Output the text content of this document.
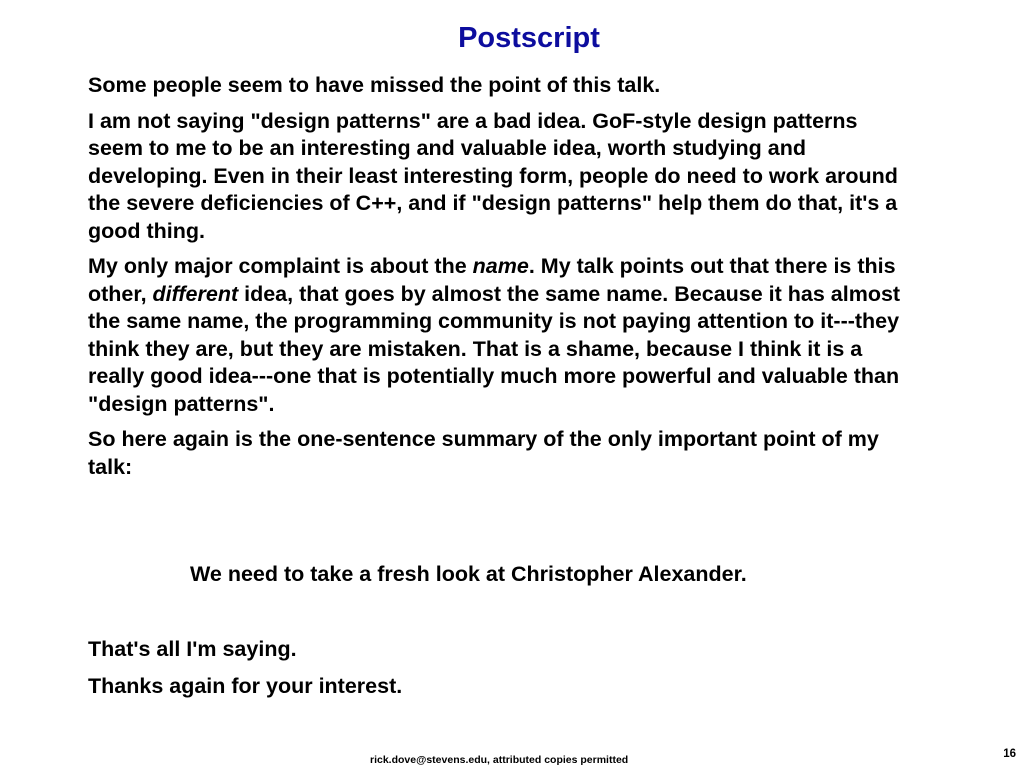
Postscript

Some people seem to have missed the point of this talk.

I am not saying "design patterns" are a bad idea. GoF-style design patterns seem to me to be an interesting and valuable idea, worth studying and developing. Even in their least interesting form, people do need to work around the severe deficiencies of C++, and if "design patterns" help them do that, it's a good thing.

My only major complaint is about the name. My talk points out that there is this other, different idea, that goes by almost the same name. Because it has almost the same name, the programming community is not paying attention to it---they think they are, but they are mistaken. That is a shame, because I think it is a really good idea---one that is potentially much more powerful and valuable than "design patterns".

So here again is the one-sentence summary of the only important point of my talk:

We need to take a fresh look at Christopher Alexander.

That's all I'm saying.

Thanks again for your interest.

rick.dove@stevens.edu, attributed copies permitted	16
